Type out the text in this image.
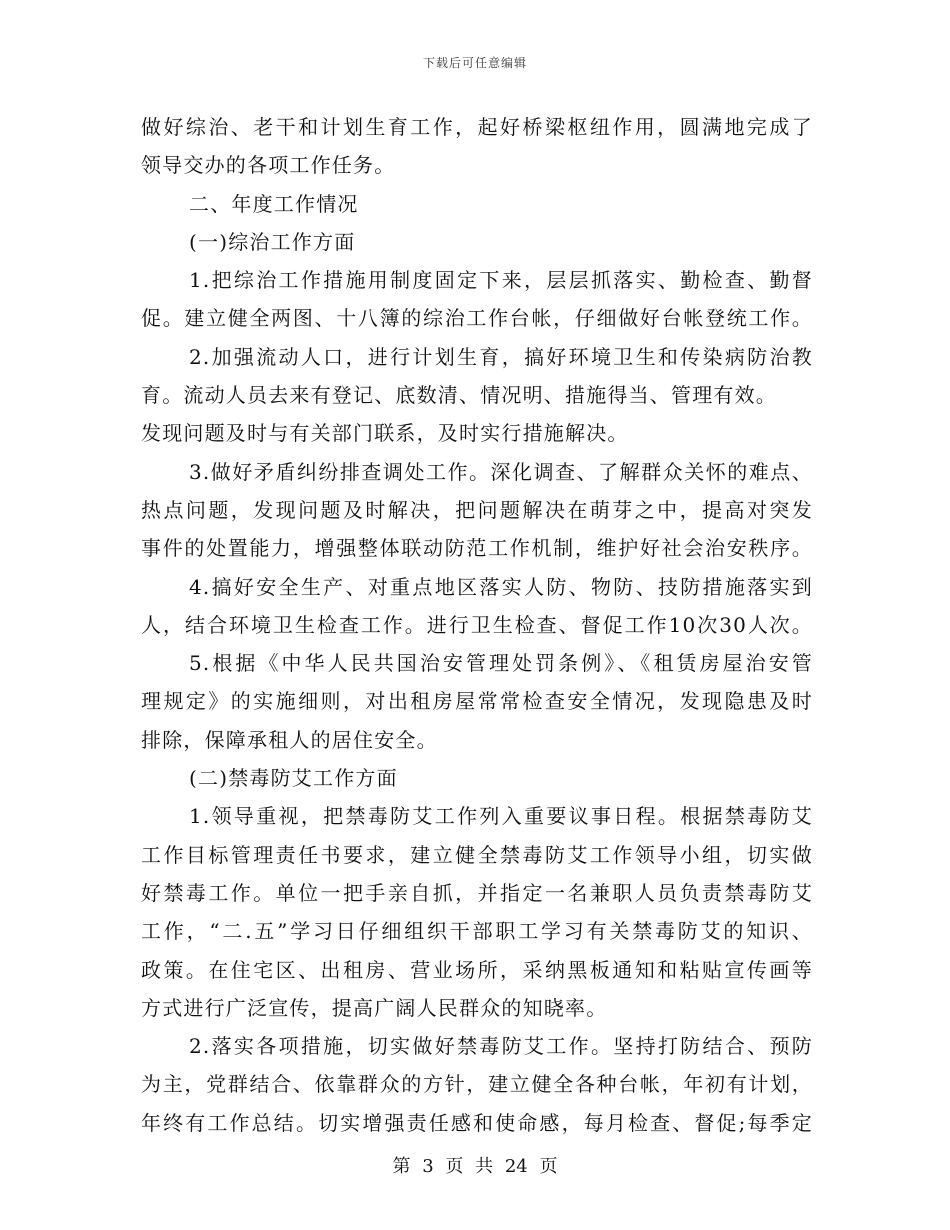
下载后可任意编辑
做好综治、老干和计划生育工作，起好桥梁枢纽作用，圆满地完成了
领导交办的各项工作任务。
二、年度工作情况
(一)综治工作方面
1.把综治工作措施用制度固定下来，层层抓落实、勤检查、勤督
促。建立健全两图、十八簿的综治工作台帐，仔细做好台帐登统工作。
2.加强流动人口，进行计划生育，搞好环境卫生和传染病防治教
育。流动人员去来有登记、底数清、情况明、措施得当、管理有效。
发现问题及时与有关部门联系，及时实行措施解决。
3.做好矛盾纠纷排查调处工作。深化调查、了解群众关怀的难点、
热点问题，发现问题及时解决，把问题解决在萌芽之中，提高对突发
事件的处置能力，增强整体联动防范工作机制，维护好社会治安秩序。
4.搞好安全生产、对重点地区落实人防、物防、技防措施落实到
人，结合环境卫生检查工作。进行卫生检查、督促工作10次30人次。
5.根据《中华人民共国治安管理处罚条例》、《租赁房屋治安管
理规定》的实施细则，对出租房屋常常检查安全情况，发现隐患及时
排除，保障承租人的居住安全。
(二)禁毒防艾工作方面
1.领导重视，把禁毒防艾工作列入重要议事日程。根据禁毒防艾
工作目标管理责任书要求，建立健全禁毒防艾工作领导小组，切实做
好禁毒工作。单位一把手亲自抓，并指定一名兼职人员负责禁毒防艾
工作，“二.五”学习日仔细组织干部职工学习有关禁毒防艾的知识、
政策。在住宅区、出租房、营业场所，采纳黑板通知和粘贴宣传画等
方式进行广泛宣传，提高广阔人民群众的知晓率。
2.落实各项措施，切实做好禁毒防艾工作。坚持打防结合、预防
为主，党群结合、依靠群众的方针，建立健全各种台帐，年初有计划，
年终有工作总结。切实增强责任感和使命感，每月检查、督促;每季定
第 3 页 共 24 页
